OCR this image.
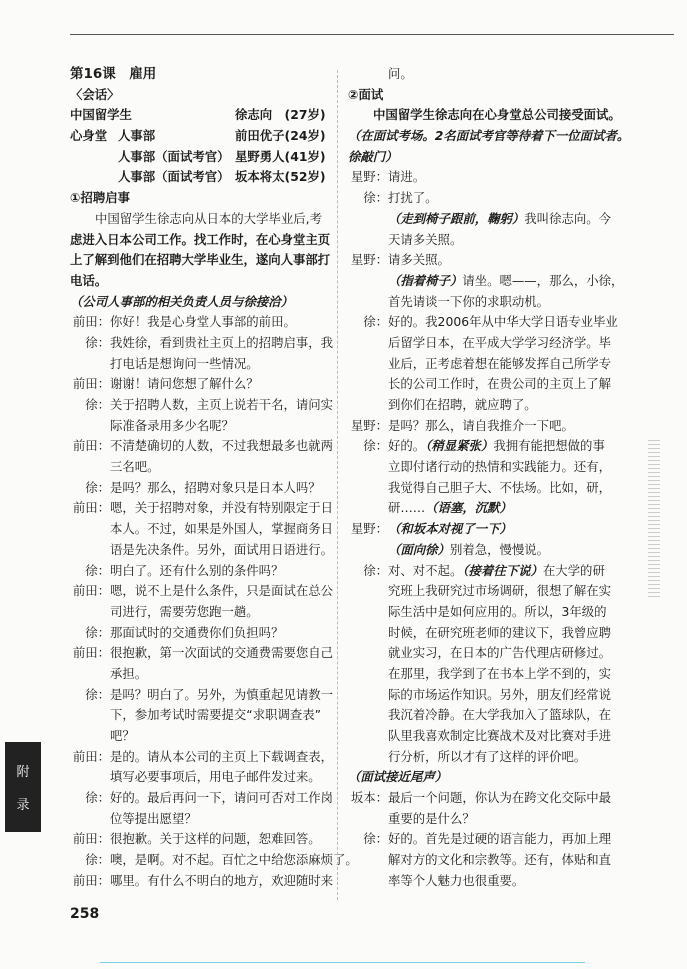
第16课　雇用
〈会话〉
中国留学生	徐志向　(27岁)
心身堂 人事部	前田优子(24岁)
人事部（面试考官） 星野勇人(41岁)
人事部（面试考官） 坂本将太(52岁)
①招聘启事
中国留学生徐志向从日本的大学毕业后,考
虑进入日本公司工作。找工作时，在心身堂主页
上了解到他们在招聘大学毕业生，遂向人事部打
电话。
（公司人事部的相关负责人员与徐接洽）
前田：你好！我是心身堂人事部的前田。
徐：我姓徐，看到贵社主页上的招聘启事，我
打电话是想询问一些情况。
前田：谢谢！请问您想了解什么？
徐：关于招聘人数，主页上说若干名，请问实
际准备录用多少名呢？
前田：不清楚确切的人数，不过我想最多也就两
三名吧。
徐：是吗？那么，招聘对象只是日本人吗？
前田：嗯，关于招聘对象，并没有特别限定于日
本人。不过，如果是外国人，掌握商务日
语是先决条件。另外，面试用日语进行。
徐：明白了。还有什么别的条件吗？
前田：嗯，说不上是什么条件，只是面试在总公
司进行，需要劳您跑一趟。
徐：那面试时的交通费你们负担吗？
前田：很抱歉，第一次面试的交通费需要您自己
承担。
徐：是吗？明白了。另外，为慎重起见请教一
下，参加考试时需要提交“求职调查表”
吧？
前田：是的。请从本公司的主页上下载调查表，
填写必要事项后，用电子邮件发过来。
徐：好的。最后再问一下，请问可否对工作岗
位等提出愿望？
前田：很抱歉。关于这样的问题，恕难回答。
徐：噢，是啊。对不起。百忙之中给您添麻烦了。
前田：哪里。有什么不明白的地方，欢迎随时来
问。
②面试
中国留学生徐志向在心身堂总公司接受面试。
（在面试考场。2名面试考官等待着下一位面试者。
徐敲门）
星野：请进。
徐：打扰了。
（走到椅子跟前，鞠躬）我叫徐志向。今
天请多关照。
星野：请多关照。
（指着椅子）请坐。嗯——，那么，小徐，
首先请谈一下你的求职动机。
徐：好的。我2006年从中华大学日语专业毕业
后留学日本，在平成大学学习经济学。毕
业后，正考虑着想在能够发挥自己所学专
长的公司工作时，在贵公司的主页上了解
到你们在招聘，就应聘了。
星野：是吗？那么，请自我推介一下吧。
徐：好的。（稍显紧张）我拥有能把想做的事
立即付诸行动的热情和实践能力。还有，
我觉得自己胆子大、不怯场。比如，研，
研……（语塞，沉默）
星野：（和坂本对视了一下）
（面向徐）别着急，慢慢说。
徐：对、对不起。（接着往下说）在大学的研
究班上我研究过市场调研，很想了解在实
际生活中是如何应用的。所以，3年级的
时候，在研究班老师的建议下，我曾应聘
就业实习，在日本的广告代理店研修过。
在那里，我学到了在书本上学不到的，实
际的市场运作知识。另外，朋友们经常说
我沉着冷静。在大学我加入了篮球队，在
队里我喜欢制定比赛战术及对比赛对手进
行分析，所以才有了这样的评价吧。
（面试接近尾声）
坂本：最后一个问题，你认为在跨文化交际中最
重要的是什么？
徐：好的。首先是过硬的语言能力，再加上理
解对方的文化和宗教等。还有，体贴和直
率等个人魅力也很重要。
附
录
258
